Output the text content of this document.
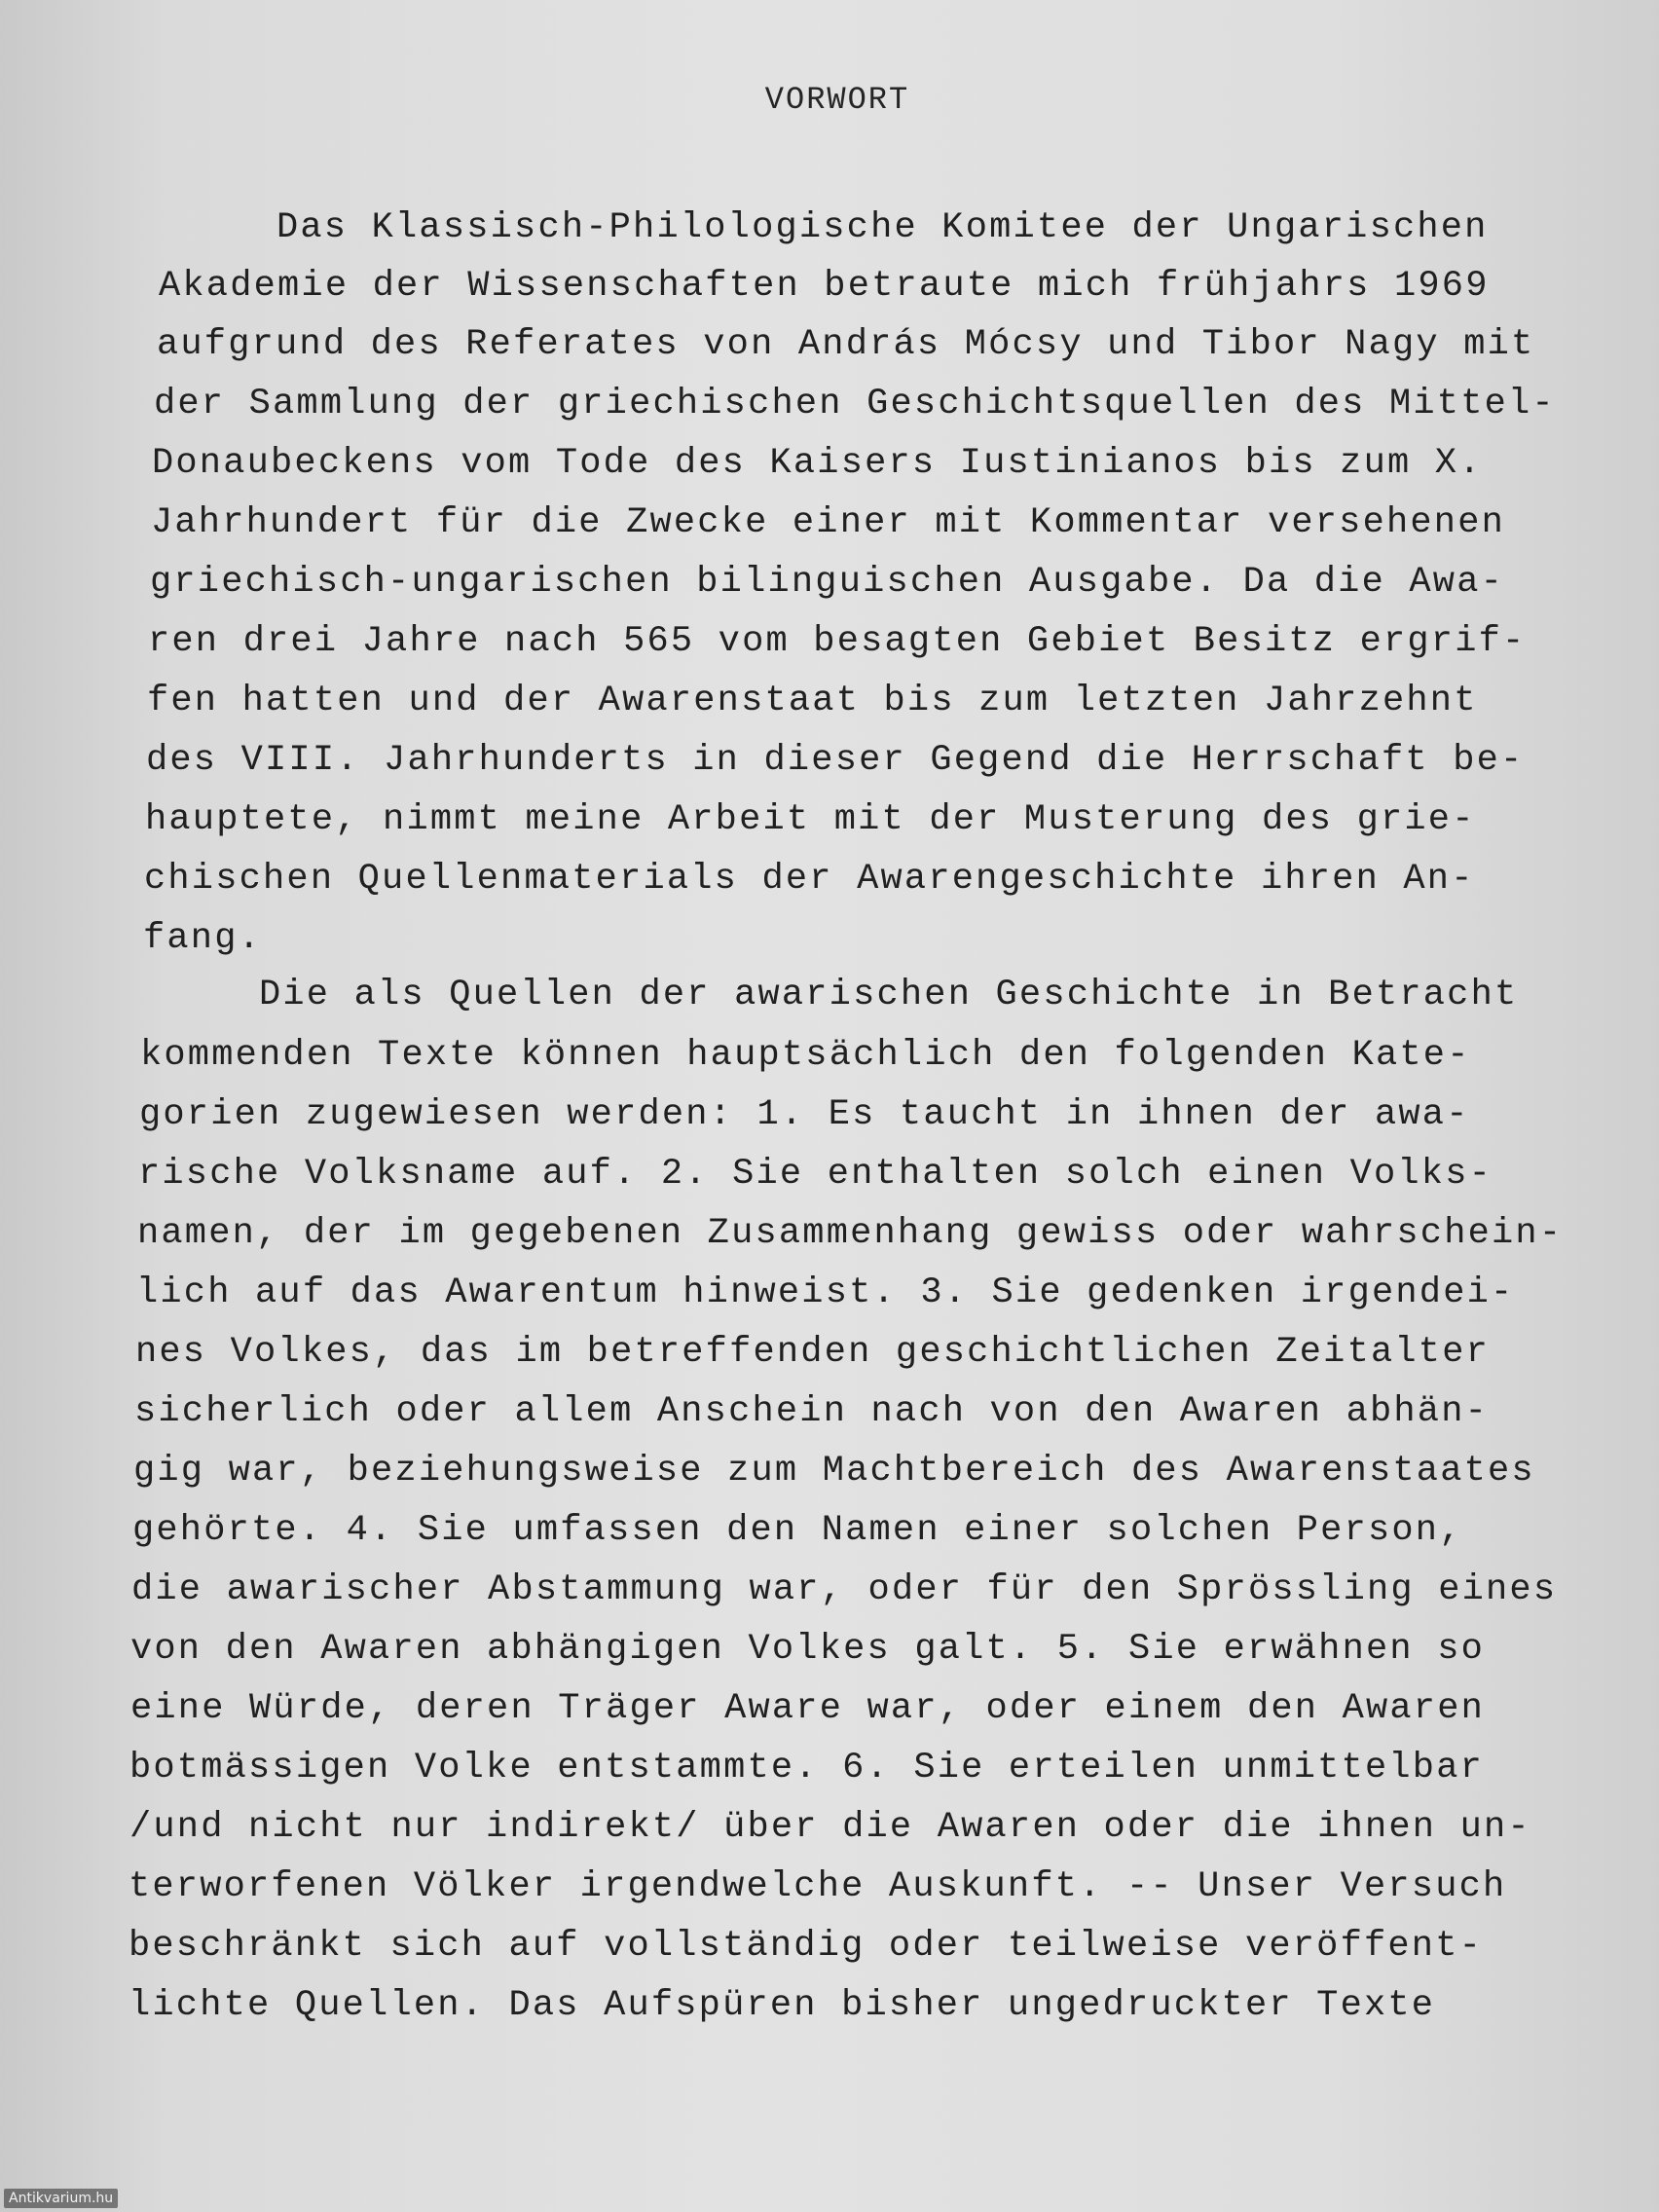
VORWORT
Das Klassisch-Philologische Komitee der Ungarischen
Akademie der Wissenschaften betraute mich frühjahrs 1969
aufgrund des Referates von András Mócsy und Tibor Nagy mit
der Sammlung der griechischen Geschichtsquellen des Mittel-
Donaubeckens vom Tode des Kaisers Iustinianos bis zum X.
Jahrhundert für die Zwecke einer mit Kommentar versehenen
griechisch-ungarischen bilinguischen Ausgabe. Da die Awa-
ren drei Jahre nach 565 vom besagten Gebiet Besitz ergrif-
fen hatten und der Awarenstaat bis zum letzten Jahrzehnt
des VIII. Jahrhunderts in dieser Gegend die Herrschaft be-
hauptete, nimmt meine Arbeit mit der Musterung des grie-
chischen Quellenmaterials der Awarengeschichte ihren An-
fang.
Die als Quellen der awarischen Geschichte in Betracht
kommenden Texte können hauptsächlich den folgenden Kate-
gorien zugewiesen werden: 1. Es taucht in ihnen der awa-
rische Volksname auf. 2. Sie enthalten solch einen Volks-
namen, der im gegebenen Zusammenhang gewiss oder wahrschein-
lich auf das Awarentum hinweist. 3. Sie gedenken irgendei-
nes Volkes, das im betreffenden geschichtlichen Zeitalter
sicherlich oder allem Anschein nach von den Awaren abhän-
gig war, beziehungsweise zum Machtbereich des Awarenstaates
gehörte. 4. Sie umfassen den Namen einer solchen Person,
die awarischer Abstammung war, oder für den Sprössling eines
von den Awaren abhängigen Volkes galt. 5. Sie erwähnen so
eine Würde, deren Träger Aware war, oder einem den Awaren
botmässigen Volke entstammte. 6. Sie erteilen unmittelbar
/und nicht nur indirekt/ über die Awaren oder die ihnen un-
terworfenen Völker irgendwelche Auskunft. -- Unser Versuch
beschränkt sich auf vollständig oder teilweise veröffent-
lichte Quellen. Das Aufspüren bisher ungedruckter Texte
Antikvarium.hu
